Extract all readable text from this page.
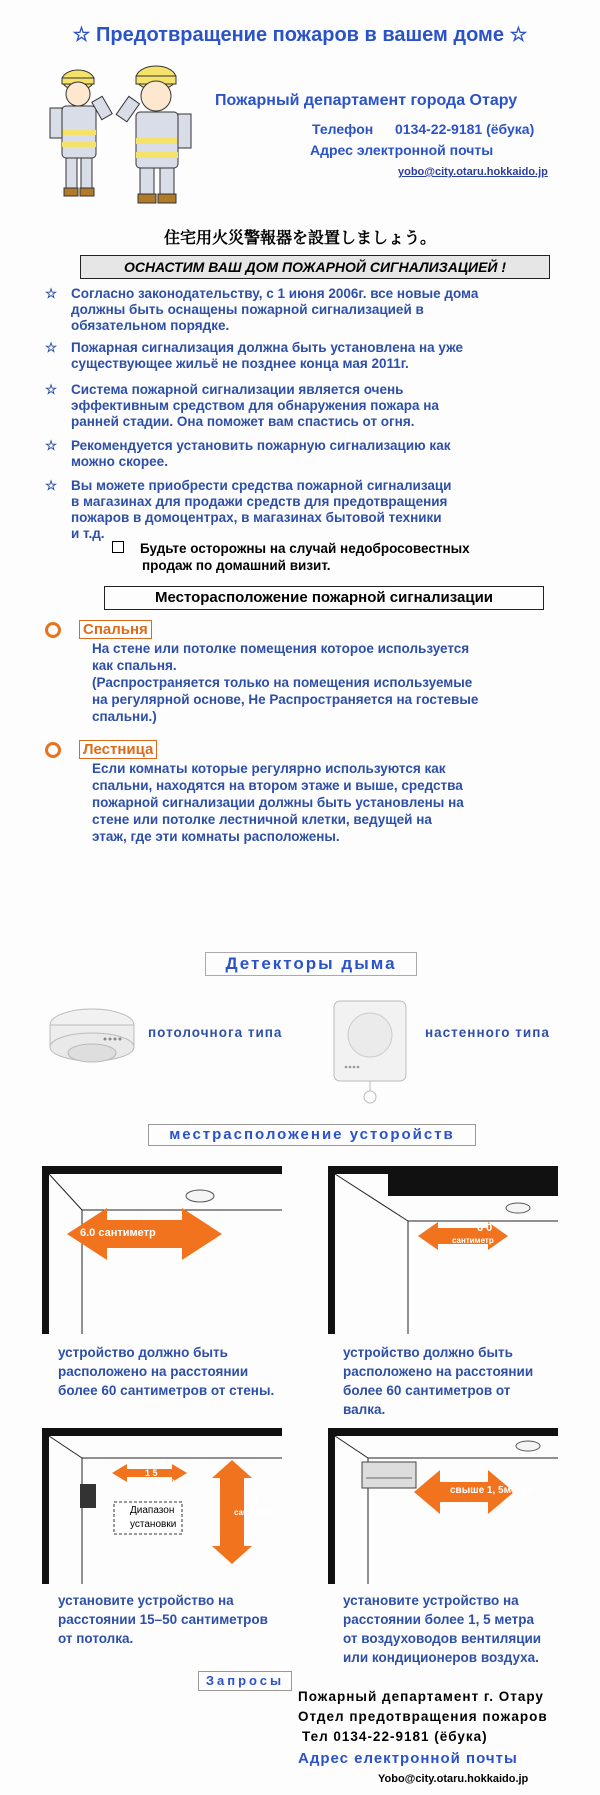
☆ Предотвращение пожаров в вашем доме ☆
Пожарный департамент города Отару
Телефон 0134-22-9181 (ёбука)
Адрес электронной почты
yobo@city.otaru.hokkaido.jp
住宅用火災警報器を設置しましょう。
ОСНАСТИМ ВАШ ДОМ ПОЖАРНОЙ СИГНАЛИЗАЦИЕЙ !
☆ Согласно законодательству, с 1 июня 2006г. все новые дома
должны быть оснащены пожарной сигнализацией в
обязательном порядке.
☆ Пожарная сигнализация должна быть установлена на уже
существующее жильё не позднее конца мая 2011г.
☆ Система пожарной сигнализации является очень
эффективным средством для обнаружения пожара на
ранней стадии. Она поможет вам спастись от огня.
☆ Рекомендуется установить пожарную сигнализацию как
можно скорее.
☆ Вы можете приобрести средства пожарной сигнализаци
в магазинах для продажи средств для предотвращения
пожаров в домоцентрах, в магазинах бытовой техники
и т.д.
Будьте осторожны на случай недобросовестных
продаж по домашний визит.
Месторасположение пожарной сигнализации
Спальня
На стене или потолке помещения которое используется
как спальня.
(Распространяется только на помещения используемые
на регулярной основе, Не Распространяется на гостевые
спальни.)
Лестница
Если комнаты которые регулярно используются как
спальни, находятся на втором этаже и выше, средства
пожарной сигнализации должны быть установлены на
стене или потолке лестничной клетки, ведущей на
этаж, где эти комнаты расположены.
Детекторы дыма
потолочнога типа	настенного типа
местрасположение усторойств
6.0 сантиметр	6 0
сантиметр
устройство должно быть
расположено на расстоянии
более 60 сантиметров от стены.
устройство должно быть
расположено на расстоянии
более 60 сантиметров от
валка.
1 5
сантиметр
Диапазон
установки
5 0
сантиметр
свыше 1, 5метра
установите устройство на
расстоянии 15–50 сантиметров
от потолка.
установите устройство на
расстоянии более 1, 5 метра
от воздуховодов вентиляции
или кондиционеров воздуха.
Запросы
Пожарный департамент г. Отару
Отдел предотвращения пожаров
Тел 0134-22-9181 (ёбука)
Адрес електронной почты
Yobo@city.otaru.hokkaido.jp
